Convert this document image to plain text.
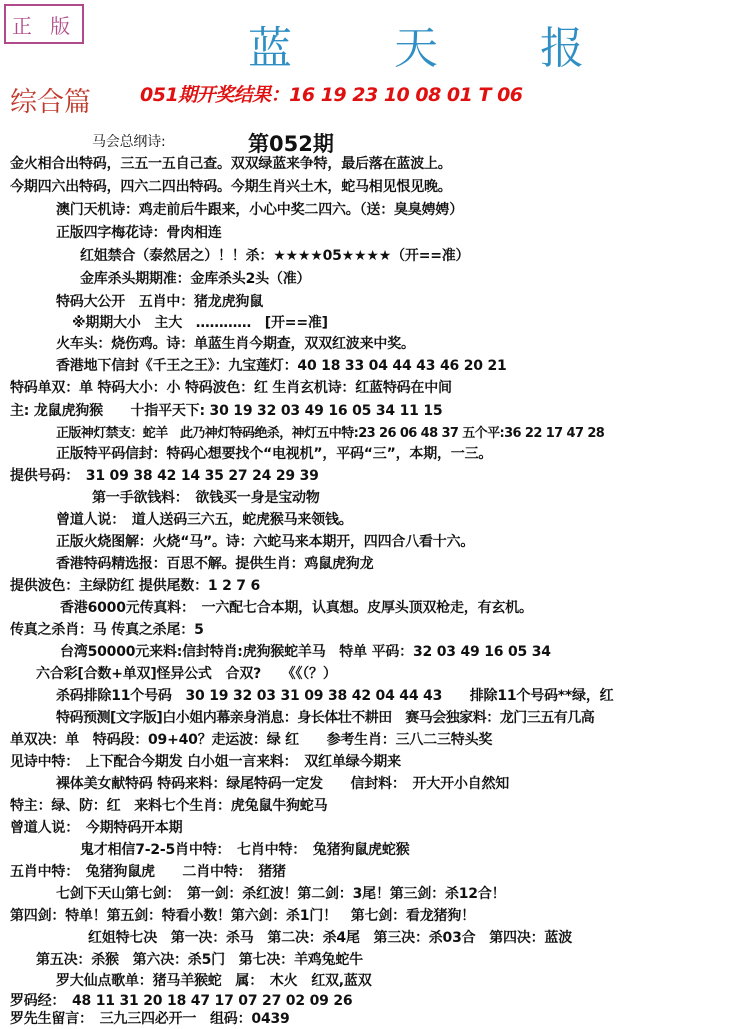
正 版	蓝 天 报
综合篇	051期开奖结果：16 19 23 10 08 01 T 06
第052期
马会总纲诗:
金火相合出特码，三五一五自己查。双双绿蓝来争特，最后落在蓝波上。
今期四六出特码，四六二四出特码。今期生肖兴土木，蛇马相见恨见晚。
澳门天机诗：鸡走前后牛跟来，小心中奖二四六。（送：臭臭娉娉）
正版四字梅花诗：骨肉相连
红姐禁合（泰然居之）！！杀：★★★★05★★★★（开==准）
金库杀头期期准：金库杀头2头（准）
特码大公开　五肖中：猪龙虎狗鼠
※期期大小　主大　…………　[开==准]
火车头：烧伤鸡。诗：单蓝生肖今期查，双双红波来中奖。
香港地下信封《千王之王》：九宝莲灯：40 18 33 04 44 43 46 20 21
特码单双：单 特码大小：小 特码波色：红 生肖玄机诗：红蓝特码在中间
主: 龙鼠虎狗猴　　十指平天下: 30 19 32 03 49 16 05 34 11 15
正版神灯禁支：蛇羊　此乃神灯特码绝杀，神灯五中特:23 26 06 48 37 五个平:36 22 17 47 28
正版特平码信封：特码心想要找个“电视机”，平码“三”，本期，一三。
提供号码：　31 09 38 42 14 35 27 24 29 39
第一手欲钱料：　欲钱买一身是宝动物
曾道人说：　道人送码三六五，蛇虎猴马来领钱。
正版火烧图解：火烧“马”。诗：六蛇马来本期开，四四合八看十六。
香港特码精选报：百思不解。提供生肖：鸡鼠虎狗龙
提供波色：主绿防红 提供尾数：1 2 7 6
香港6000元传真料：　一六配七合本期，认真想。皮厚头顶双枪走，有玄机。
传真之杀肖：马 传真之杀尾：5
台湾50000元来料:信封特肖:虎狗猴蛇羊马　特单 平码：32 03 49 16 05 34
六合彩[合数+单双]怪异公式　合双?　　《《（？）
杀码排除11个号码　30 19 32 03 31 09 38 42 04 44 43　　排除11个号码**绿，红
特码预测[文字版]白小姐内幕亲身消息：身长体壮不耕田　赛马会独家料：龙门三五有几高
单双决：单　特码段：09+40？走运波：绿 红　　参考生肖：三八二三特头奖
见诗中特：　上下配合今期发 白小姐一言来料：　双红单绿今期来
裸体美女献特码 特码来料：绿尾特码一定发　　信封料：　开大开小自然知
特主：绿、防：红　来料七个生肖：虎兔鼠牛狗蛇马
曾道人说：　今期特码开本期
鬼才相信7-2-5肖中特：　七肖中特：　兔猪狗鼠虎蛇猴
五肖中特：　兔猪狗鼠虎　　二肖中特：　猪猪
七剑下天山第七剑：　第一剑：杀红波！第二剑：3尾！第三剑：杀12合！
第四剑：特单！第五剑：特看小数！第六剑：杀1门！　第七剑：看龙猪狗！
红姐特七决　第一决：杀马　第二决：杀4尾　第三决：杀03合　第四决：蓝波
第五决：杀猴　第六决：杀5门　第七决：羊鸡兔蛇牛
罗大仙点歌单：猪马羊猴蛇　属：　木火　红双,蓝双
罗码经：　48 11 31 20 18 47 17 07 27 02 09 26
罗先生留言：　三九三四必开一　组码：0439
